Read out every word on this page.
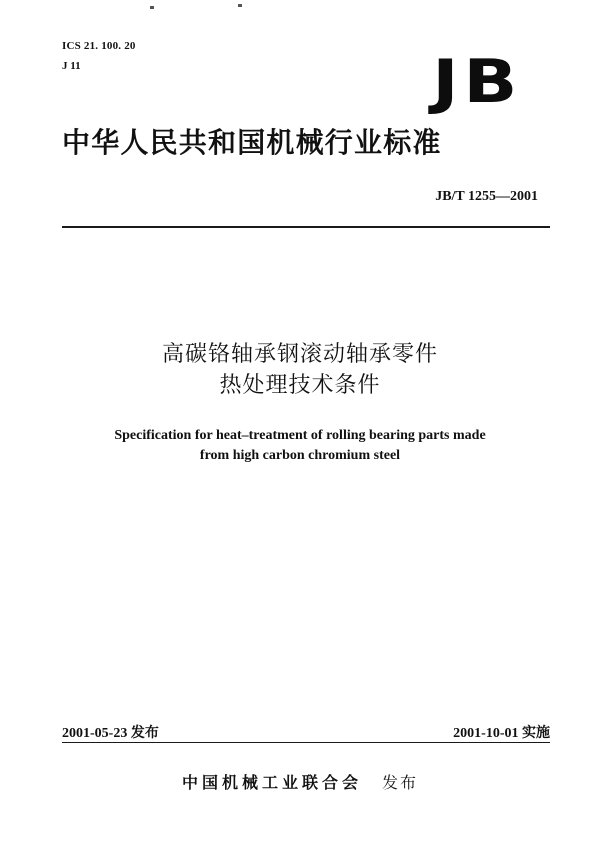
ICS 21. 100. 20
J 11	JB
中华人民共和国机械行业标准
JB/T 1255—2001
高碳铬轴承钢滚动轴承零件
热处理技术条件
Specification for heat–treatment of rolling bearing parts made
from high carbon chromium steel
2001-05-23 发布	2001-10-01 实施
中国机械工业联合会 发布
